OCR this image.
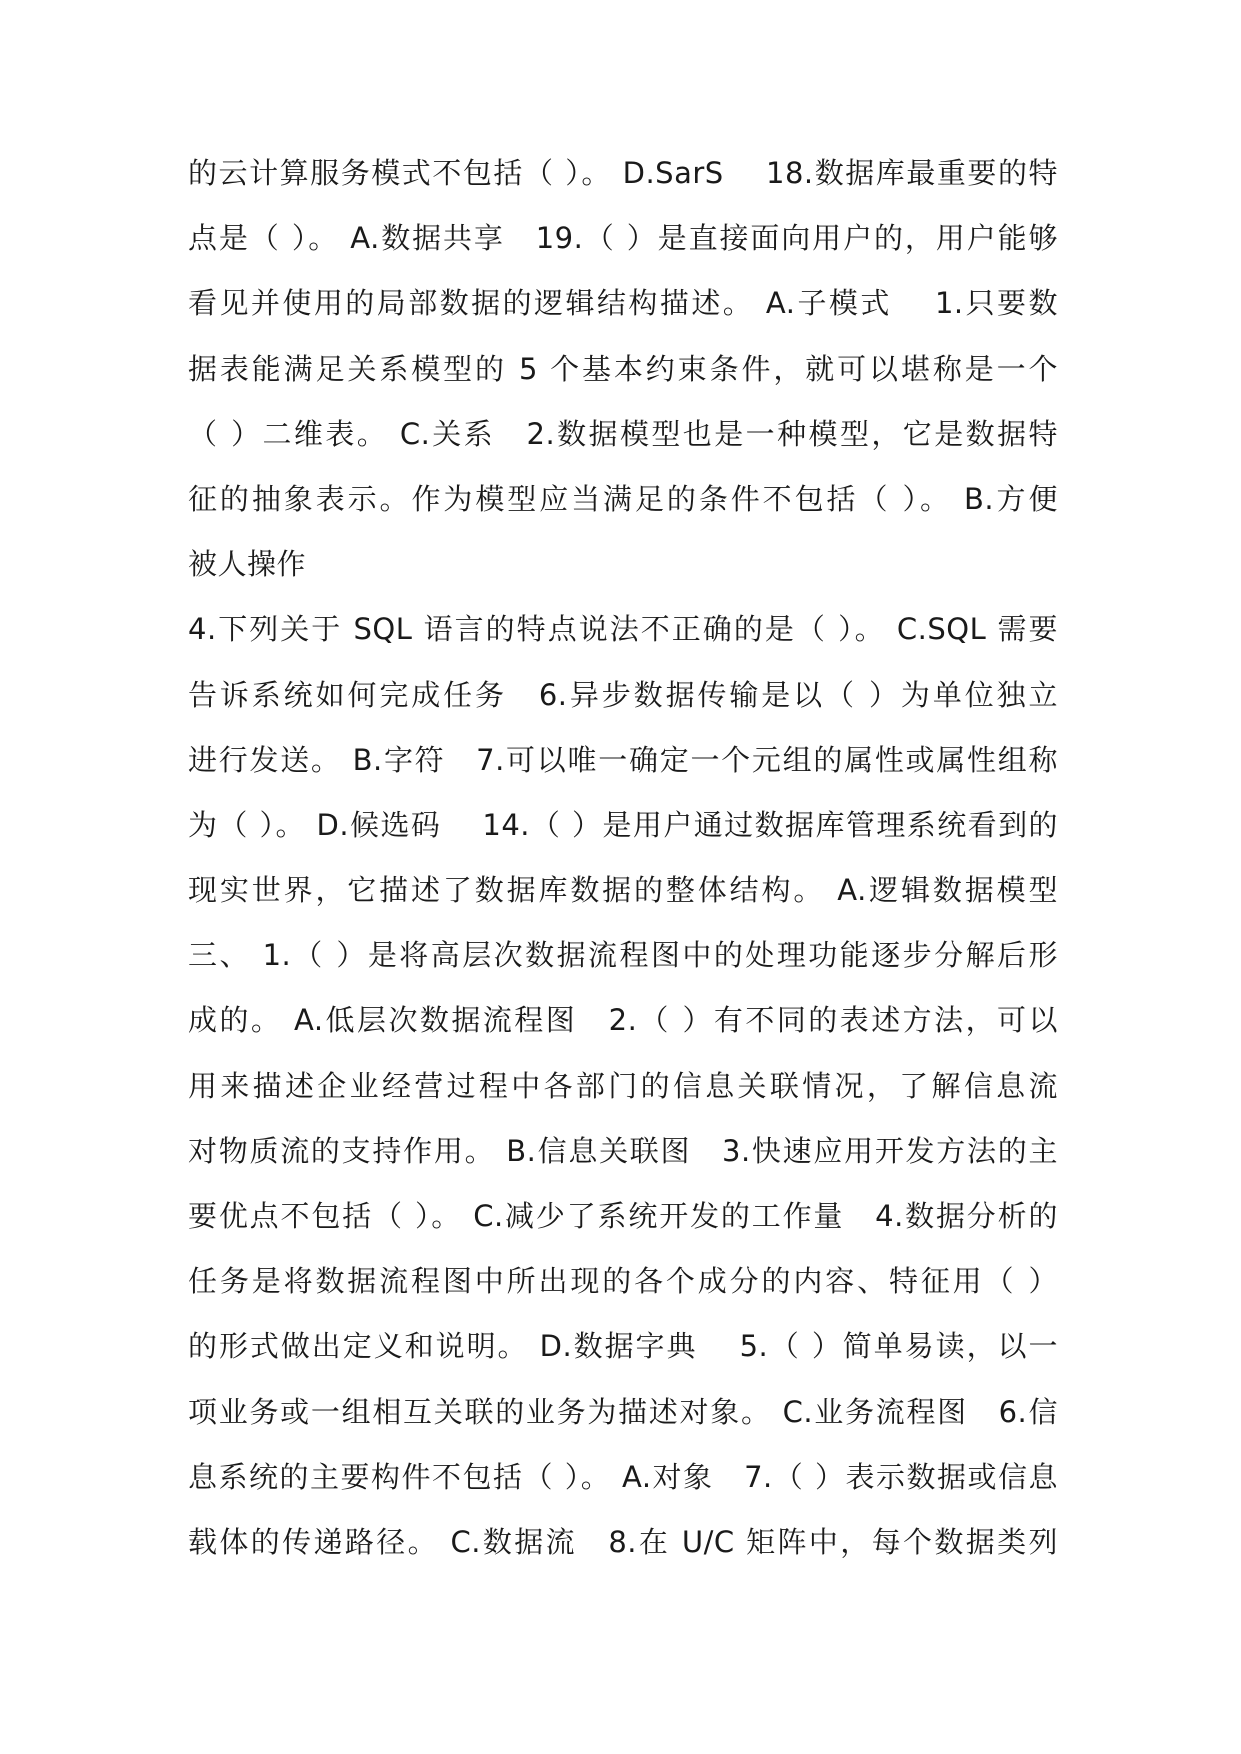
的云计算服务模式不包括（ ）。 D.SarS　 18.数据库最重要的特
点是（ ）。 A.数据共享　19.（ ）是直接面向用户的，用户能够
看见并使用的局部数据的逻辑结构描述。 A.子模式　 1.只要数
据表能满足关系模型的 5 个基本约束条件，就可以堪称是一个
（ ）二维表。 C.关系　2.数据模型也是一种模型，它是数据特
征的抽象表示。作为模型应当满足的条件不包括（ ）。 B.方便
被人操作
4.下列关于 SQL 语言的特点说法不正确的是（ ）。 C.SQL 需要
告诉系统如何完成任务　6.异步数据传输是以（ ）为单位独立
进行发送。 B.字符　7.可以唯一确定一个元组的属性或属性组称
为（ ）。 D.候选码　 14.（ ）是用户通过数据库管理系统看到的
现实世界，它描述了数据库数据的整体结构。 A.逻辑数据模型
三、 1.（ ）是将高层次数据流程图中的处理功能逐步分解后形
成的。 A.低层次数据流程图　2.（ ）有不同的表述方法，可以
用来描述企业经营过程中各部门的信息关联情况，了解信息流
对物质流的支持作用。 B.信息关联图　3.快速应用开发方法的主
要优点不包括（ ）。 C.减少了系统开发的工作量　4.数据分析的
任务是将数据流程图中所出现的各个成分的内容、特征用（ ）
的形式做出定义和说明。 D.数据字典　 5.（ ）简单易读，以一
项业务或一组相互关联的业务为描述对象。 C.业务流程图　6.信
息系统的主要构件不包括（ ）。 A.对象　7.（ ）表示数据或信息
载体的传递路径。 C.数据流　8.在 U/C 矩阵中，每个数据类列
